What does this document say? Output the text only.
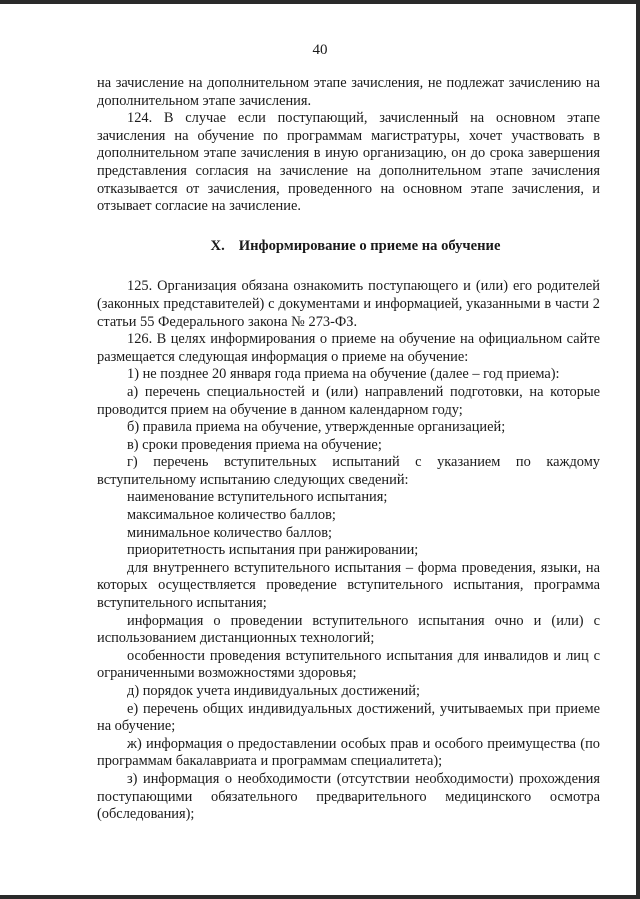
40

на зачисление на дополнительном этапе зачисления, не подлежат зачислению на дополнительном этапе зачисления.

124. В случае если поступающий, зачисленный на основном этапе зачисления на обучение по программам магистратуры, хочет участвовать в дополнительном этапе зачисления в иную организацию, он до срока завершения представления согласия на зачисление на дополнительном этапе зачисления отказывается от зачисления, проведенного на основном этапе зачисления, и отзывает согласие на зачисление.

X. Информирование о приеме на обучение

125. Организация обязана ознакомить поступающего и (или) его родителей (законных представителей) с документами и информацией, указанными в части 2 статьи 55 Федерального закона № 273-ФЗ.

126. В целях информирования о приеме на обучение на официальном сайте размещается следующая информация о приеме на обучение:

1) не позднее 20 января года приема на обучение (далее – год приема):

а) перечень специальностей и (или) направлений подготовки, на которые проводится прием на обучение в данном календарном году;

б) правила приема на обучение, утвержденные организацией;

в) сроки проведения приема на обучение;

г) перечень вступительных испытаний с указанием по каждому вступительному испытанию следующих сведений:

наименование вступительного испытания;

максимальное количество баллов;

минимальное количество баллов;

приоритетность испытания при ранжировании;

для внутреннего вступительного испытания – форма проведения, языки, на которых осуществляется проведение вступительного испытания, программа вступительного испытания;

информация о проведении вступительного испытания очно и (или) с использованием дистанционных технологий;

особенности проведения вступительного испытания для инвалидов и лиц с ограниченными возможностями здоровья;

д) порядок учета индивидуальных достижений;

е) перечень общих индивидуальных достижений, учитываемых при приеме на обучение;

ж) информация о предоставлении особых прав и особого преимущества (по программам бакалавриата и программам специалитета);

з) информация о необходимости (отсутствии необходимости) прохождения поступающими обязательного предварительного медицинского осмотра (обследования);
